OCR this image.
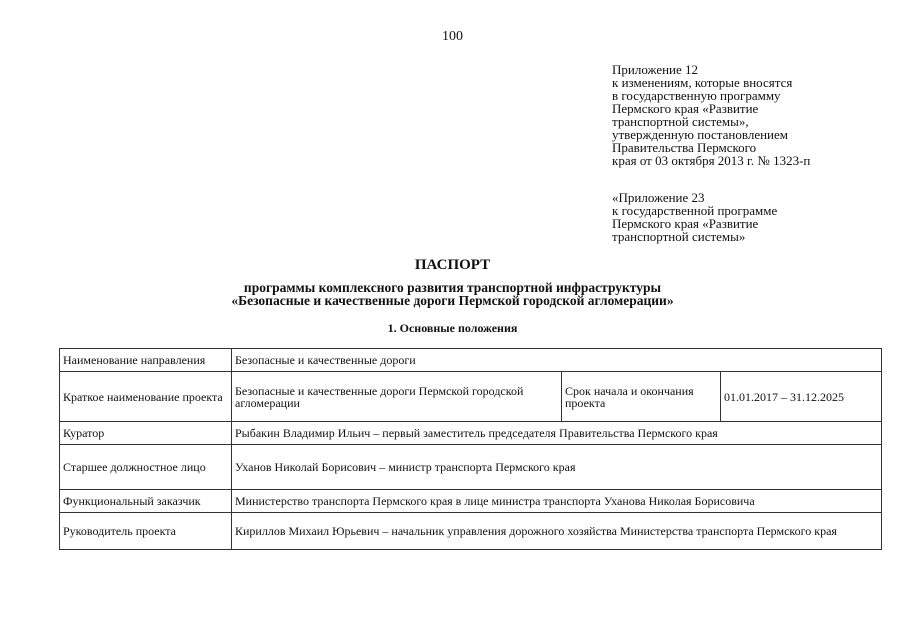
100
Приложение 12
к изменениям, которые вносятся
в государственную программу
Пермского края «Развитие
транспортной системы»,
утвержденную постановлением
Правительства Пермского
края от 03 октября 2013 г. № 1323-п
«Приложение 23
к государственной программе
Пермского края «Развитие
транспортной системы»
ПАСПОРТ
программы комплексного развития транспортной инфраструктуры
«Безопасные и качественные дороги Пермской городской агломерации»
1. Основные положения
Наименование направления	Безопасные и качественные дороги		
Краткое наименование проекта	Безопасные и качественные дороги Пермской городской агломерации	Срок начала и окончания проекта	01.01.2017 – 31.12.2025
Куратор	Рыбакин Владимир Ильич – первый заместитель председателя Правительства Пермского края		
Старшее должностное лицо	Уханов Николай Борисович – министр транспорта Пермского края		
Функциональный заказчик	Министерство транспорта Пермского края в лице министра транспорта Уханова Николая Борисовича		
Руководитель проекта	Кириллов Михаил Юрьевич – начальник управления дорожного хозяйства Министерства транспорта Пермского края		
